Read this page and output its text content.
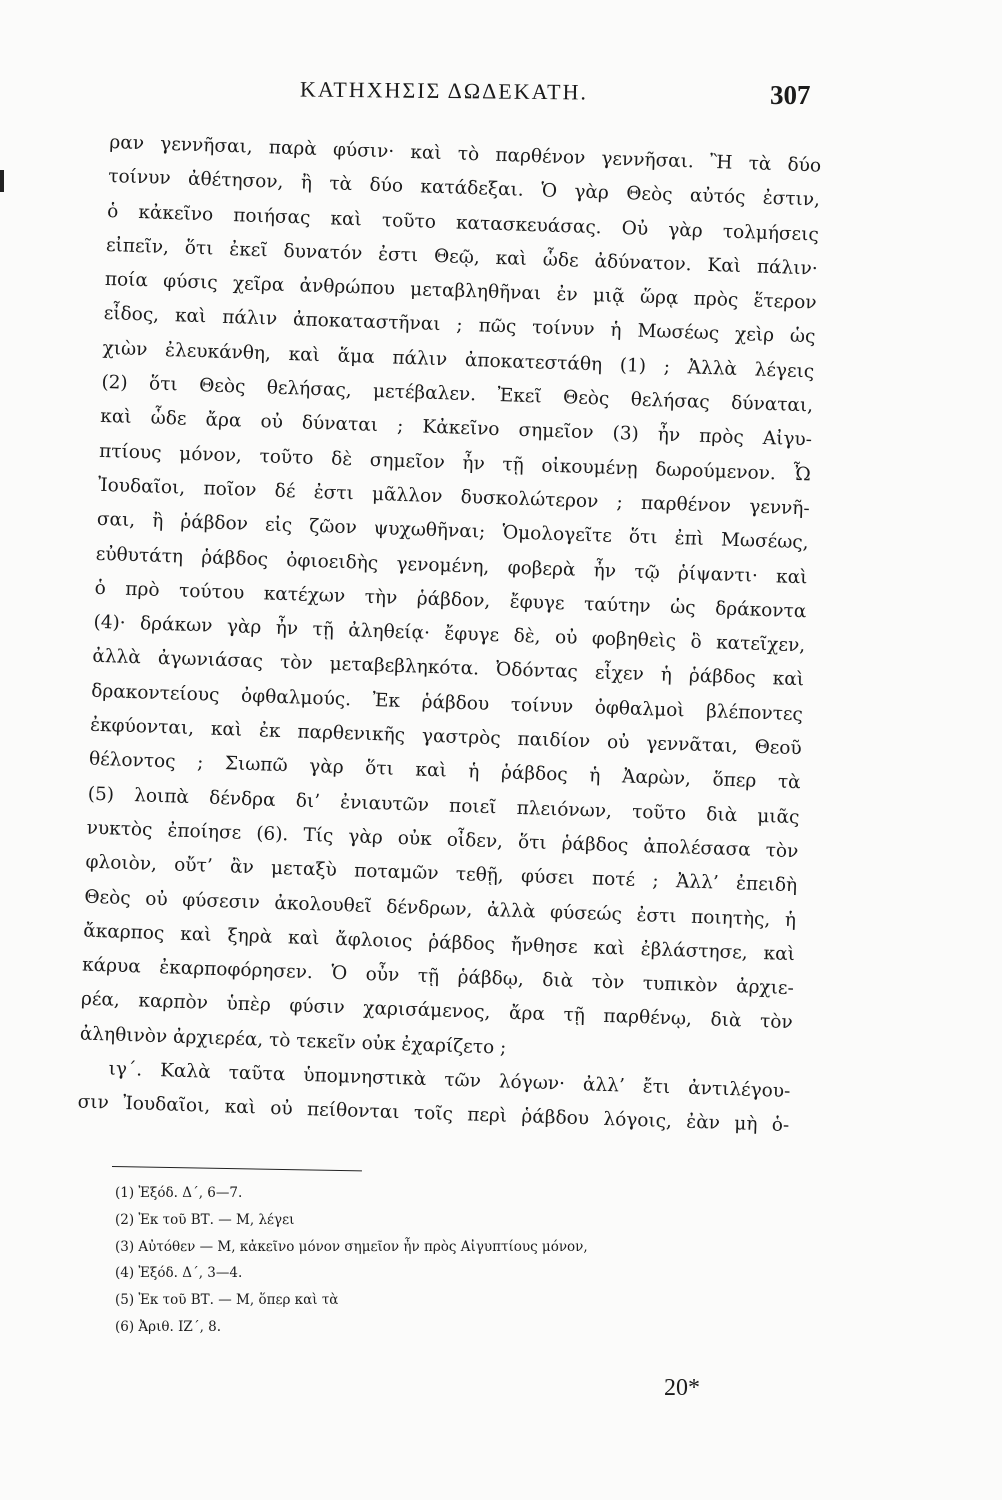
ΚΑΤΗΧΗΣΙΣ ΔΩΔΕΚΑΤΗ.	307
ραν γεννῆσαι, παρὰ φύσιν· καὶ τὸ παρθένον γεννῆσαι. Ἢ τὰ δύο
τοίνυν ἀθέτησον, ἢ τὰ δύο κατάδεξαι. Ὁ γὰρ Θεὸς αὐτός ἐστιν,
ὁ κἀκεῖνο ποιήσας καὶ τοῦτο κατασκευάσας. Οὐ γὰρ τολμήσεις
εἰπεῖν, ὅτι ἐκεῖ δυνατόν ἐστι Θεῷ, καὶ ὧδε ἀδύνατον. Καὶ πάλιν·
ποία φύσις χεῖρα ἀνθρώπου μεταβληθῆναι ἐν μιᾷ ὥρᾳ πρὸς ἕτερον
εἶδος, καὶ πάλιν ἀποκαταστῆναι ; πῶς τοίνυν ἡ Μωσέως χεὶρ ὡς
χιὼν ἐλευκάνθη, καὶ ἅμα πάλιν ἀποκατεστάθη (1) ; Ἀλλὰ λέγεις
(2) ὅτι Θεὸς θελήσας, μετέβαλεν. Ἐκεῖ Θεὸς θελήσας δύναται,
καὶ ὧδε ἄρα οὐ δύναται ; Κἀκεῖνο σημεῖον (3) ἦν πρὸς Αἰγυ-
πτίους μόνον, τοῦτο δὲ σημεῖον ἦν τῇ οἰκουμένῃ δωρούμενον. Ὦ
Ἰουδαῖοι, ποῖον δέ ἐστι μᾶλλον δυσκολώτερον ; παρθένον γεννῆ-
σαι, ἢ ῥάβδον εἰς ζῶον ψυχωθῆναι; Ὁμολογεῖτε ὅτι ἐπὶ Μωσέως,
εὐθυτάτη ῥάβδος ὀφιοειδὴς γενομένη, φοβερὰ ἦν τῷ ῥίψαντι· καὶ
ὁ πρὸ τούτου κατέχων τὴν ῥάβδον, ἔφυγε ταύτην ὡς δράκοντα
(4)· δράκων γὰρ ἦν τῇ ἀληθείᾳ· ἔφυγε δὲ, οὐ φοβηθεὶς ὃ κατεῖχεν,
ἀλλὰ ἀγωνιάσας τὸν μεταβεβληκότα. Ὀδόντας εἶχεν ἡ ῥάβδος καὶ
δρακοντείους ὀφθαλμούς. Ἐκ ῥάβδου τοίνυν ὀφθαλμοὶ βλέποντες
ἐκφύονται, καὶ ἐκ παρθενικῆς γαστρὸς παιδίον οὐ γεννᾶται, Θεοῦ
θέλοντος ; Σιωπῶ γὰρ ὅτι καὶ ἡ ῥάβδος ἡ Ἀαρὼν, ὅπερ τὰ
(5) λοιπὰ δένδρα δι’ ἐνιαυτῶν ποιεῖ πλειόνων, τοῦτο διὰ μιᾶς
νυκτὸς ἐποίησε (6). Τίς γὰρ οὐκ οἶδεν, ὅτι ῥάβδος ἀπολέσασα τὸν
φλοιὸν, οὔτ’ ἂν μεταξὺ ποταμῶν τεθῇ, φύσει ποτέ ; Ἀλλ’ ἐπειδὴ
Θεὸς οὐ φύσεσιν ἀκολουθεῖ δένδρων, ἀλλὰ φύσεώς ἐστι ποιητὴς, ἡ
ἄκαρπος καὶ ξηρὰ καὶ ἄφλοιος ῥάβδος ἤνθησε καὶ ἐβλάστησε, καὶ
κάρυα ἐκαρποφόρησεν. Ὁ οὖν τῇ ῥάβδῳ, διὰ τὸν τυπικὸν ἀρχιε-
ρέα, καρπὸν ὑπὲρ φύσιν χαρισάμενος, ἄρα τῇ παρθένῳ, διὰ τὸν
ἀληθινὸν ἀρχιερέα, τὸ τεκεῖν οὐκ ἐχαρίζετο ;
ιγ΄. Καλὰ ταῦτα ὑπομνηστικὰ τῶν λόγων· ἀλλ’ ἔτι ἀντιλέγου-
σιν Ἰουδαῖοι, καὶ οὐ πείθονται τοῖς περὶ ῥάβδου λόγοις, ἐὰν μὴ ὁ-
(1) Ἐξόδ. Δ΄, 6—7.
(2) Ἐκ τοῦ ΒΤ. — Μ, λέγει
(3) Αὐτόθεν — Μ, κἀκεῖνο μόνον σημεῖον ἦν πρὸς Αἰγυπτίους μόνον,
(4) Ἐξόδ. Δ΄, 3—4.
(5) Ἐκ τοῦ ΒΤ. — Μ, ὅπερ καὶ τὰ
(6) Ἀριθ. ΙΖ΄, 8.
20*
